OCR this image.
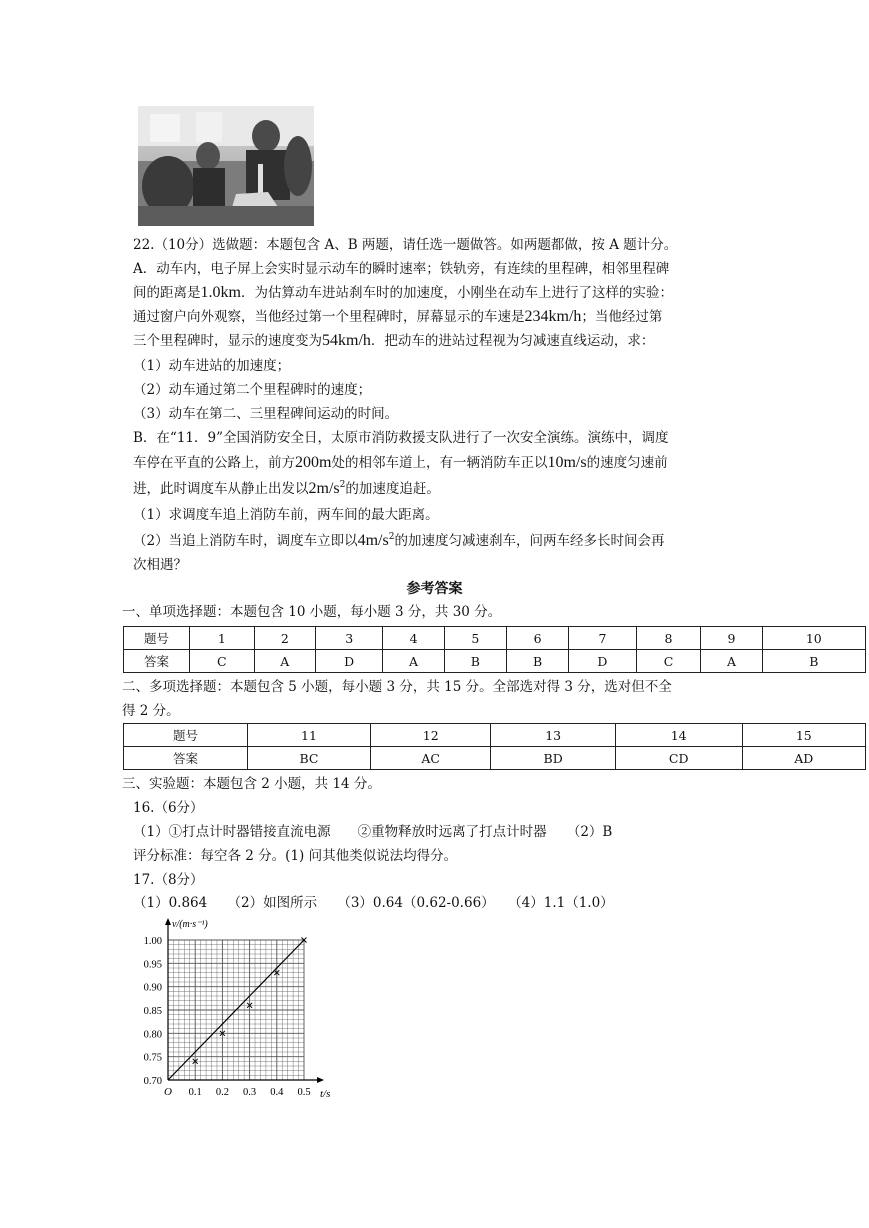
22.（10分）选做题：本题包含 A、B 两题，请任选一题做答。如两题都做，按 A 题计分。
A．动车内，电子屏上会实时显示动车的瞬时速率；铁轨旁，有连续的里程碑，相邻里程碑
间的距离是1.0km．为估算动车进站刹车时的加速度，小刚坐在动车上进行了这样的实验：
通过窗户向外观察，当他经过第一个里程碑时，屏幕显示的车速是234km/h；当他经过第
三个里程碑时，显示的速度变为54km/h．把动车的进站过程视为匀减速直线运动，求：
（1）动车进站的加速度；
（2）动车通过第二个里程碑时的速度；
（3）动车在第二、三里程碑间运动的时间。
B．在“11．9”全国消防安全日，太原市消防救援支队进行了一次安全演练。演练中，调度
车停在平直的公路上，前方200m处的相邻车道上，有一辆消防车正以10m/s的速度匀速前
进，此时调度车从静止出发以$2m/s^2$的加速度追赶。
（1）求调度车追上消防车前，两车间的最大距离。
（2）当追上消防车时，调度车立即以$4m/s^2$的加速度匀减速刹车，问两车经多长时间会再
次相遇？
参考答案
一、单项选择题：本题包含 10 小题，每小题 3 分，共 30 分。
题号	1	2	3	4	5	6	7	8	9	10
答案	C	A	D	A	B	B	D	C	A	B
二、多项选择题：本题包含 5 小题，每小题 3 分，共 15 分。全部选对得 3 分，选对但不全
得 2 分。
题号	11	12	13	14	15
答案	BC	AC	BD	CD	AD
三、实验题：本题包含 2 小题，共 14 分。
16.（6分）
（1）①打点计时器错接直流电源　　②重物释放时远离了打点计时器　　（2）B
评分标准：每空各 2 分。(1) 问其他类似说法均得分。
17.（8分）
（1）0.864　　（2）如图所示　　（3）0.64（0.62-0.66）　　（4）1.1（1.0）
v/(m·s⁻¹)
O	t/s
1.00
0.95
0.90
0.85
0.80
0.75
0.70
0.1 0.2 0.3 0.4 0.5
